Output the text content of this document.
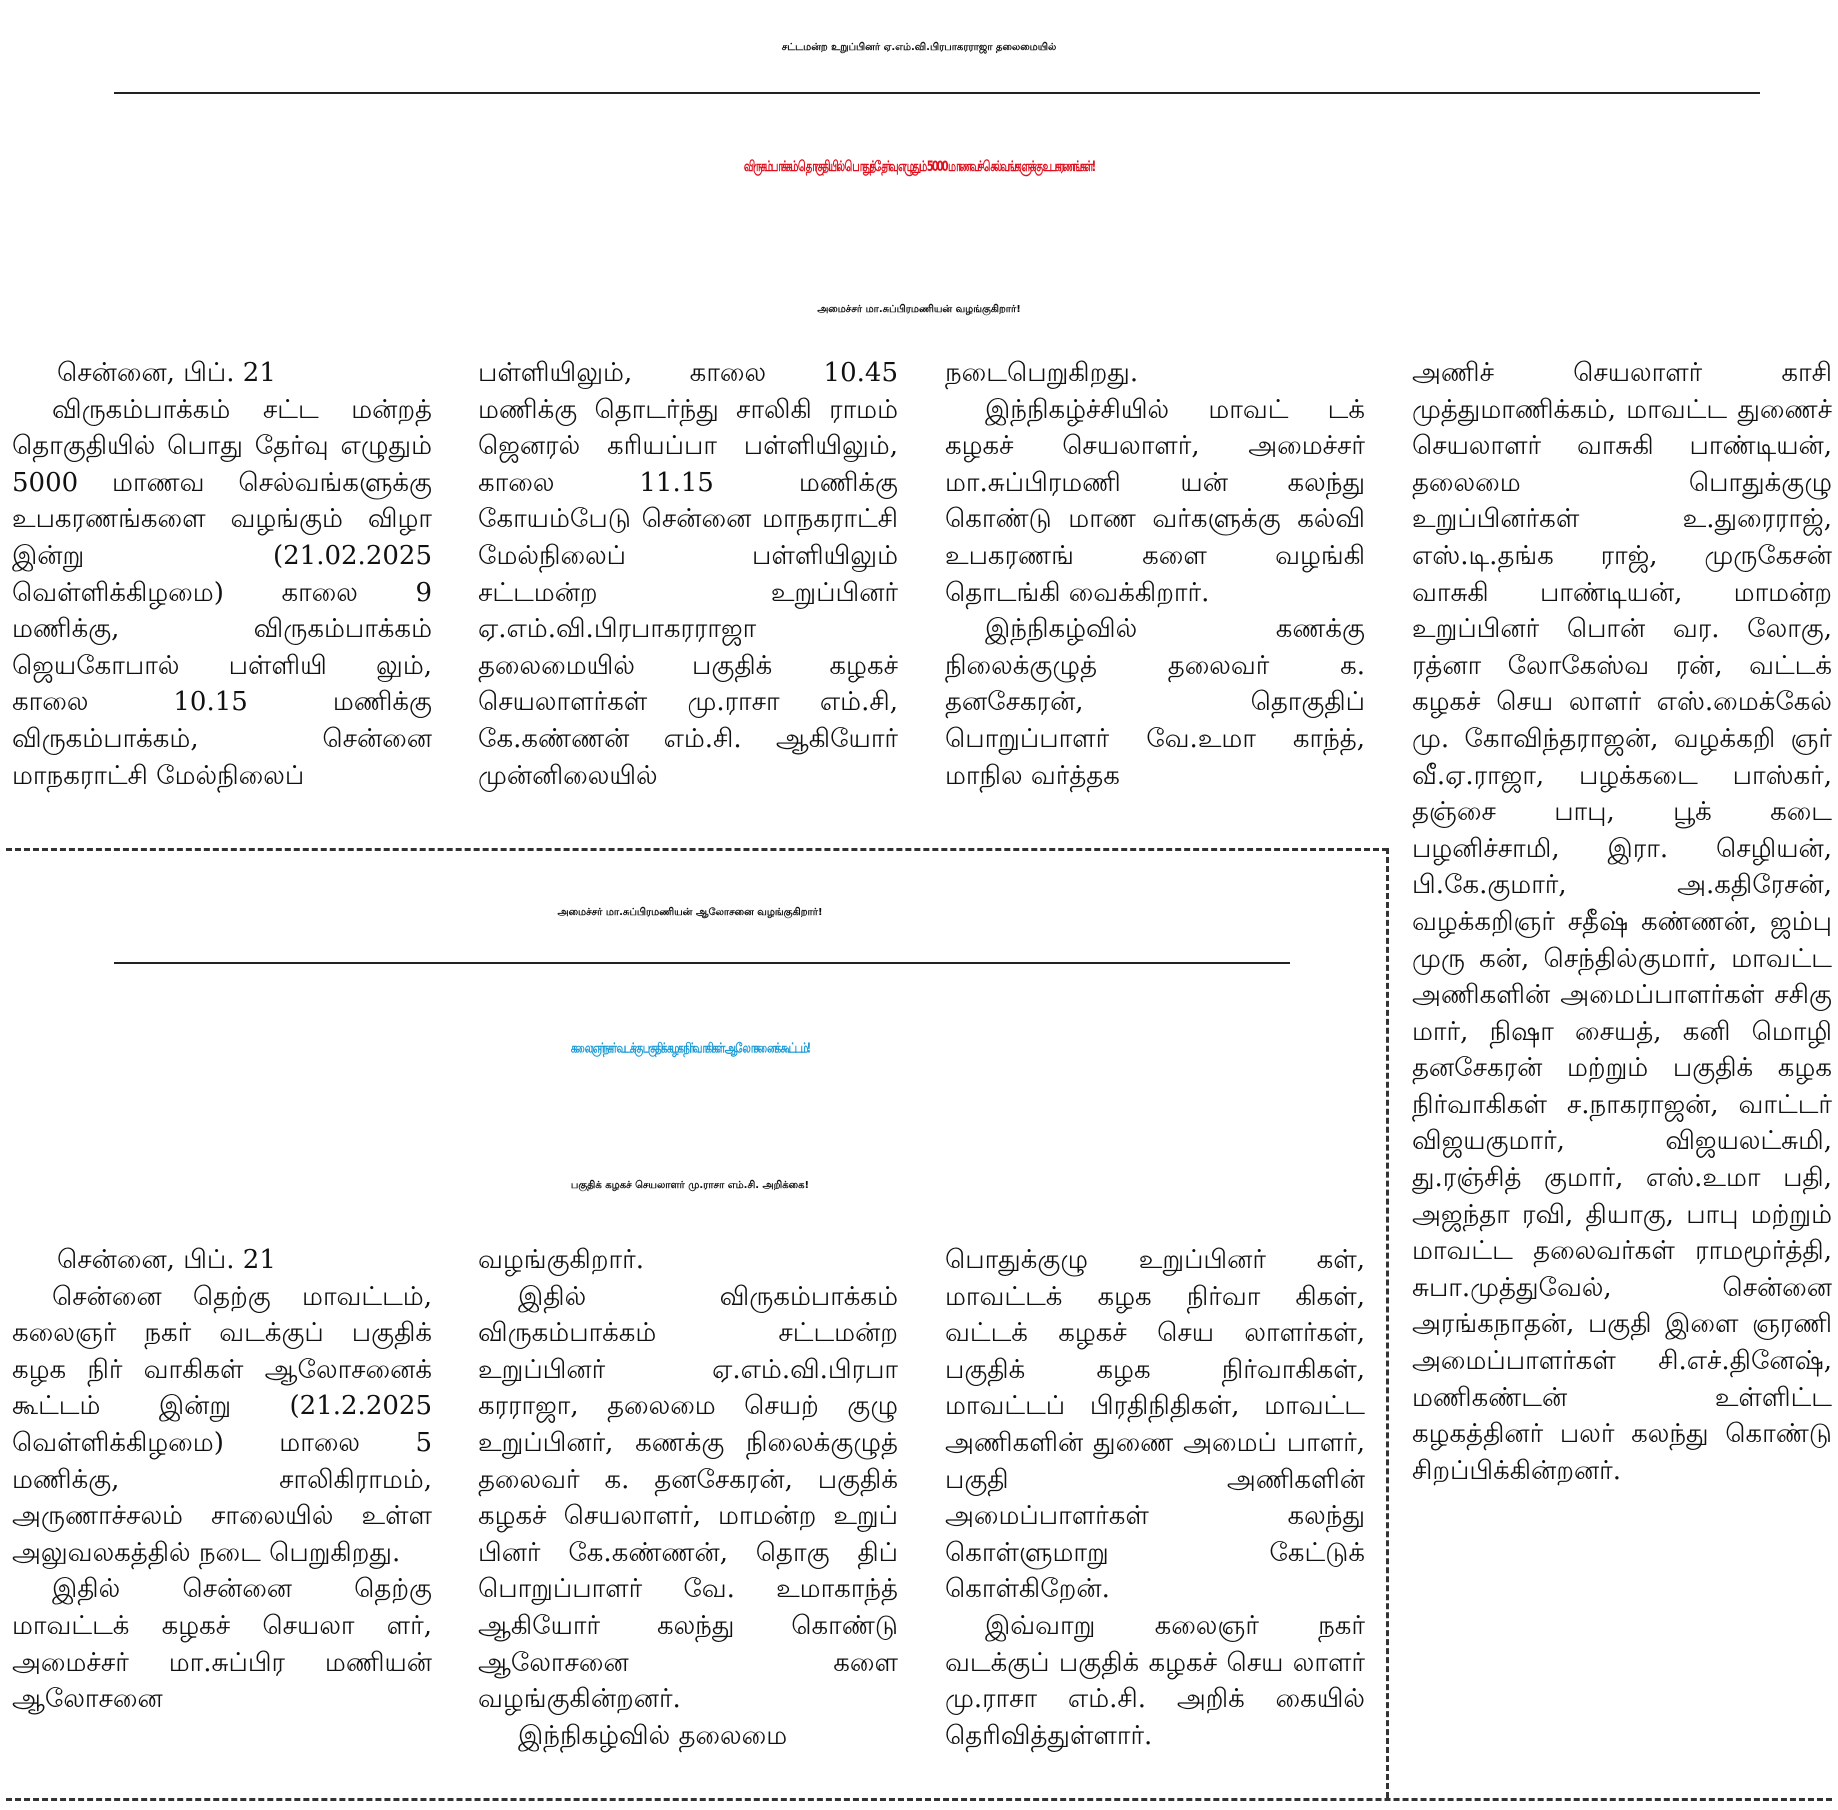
சட்டமன்ற உறுப்பினர் ஏ.எம்.வி.பிரபாகரராஜா தலைமையில்
விருகம்பாக்கம் தொகுதியில் பொதுத்தேர்வு எழுதும் 5000 மாணவச் செல்வங்களுக்கு உபகரணங்கள்!
அமைச்சர் மா.சுப்பிரமணியன் வழங்குகிறார்!

சென்னை, பிப். 21

விருகம்பாக்கம் சட்ட மன்றத் தொகுதியில் பொது தேர்வு எழுதும் 5000 மாணவ செல்வங்களுக்கு உபகரணங்களை வழங்கும் விழா இன்று (21.02.2025 வெள்ளிக்கிழமை) காலை 9 மணிக்கு, விருகம்பாக்கம் ஜெயகோபால் பள்ளியி லும், காலை 10.15 மணிக்கு விருகம்பாக்கம், சென்னை மாநகராட்சி மேல்நிலைப்

பள்ளியிலும், காலை 10.45 மணிக்கு தொடர்ந்து சாலிகி ராமம் ஜெனரல் கரியப்பா பள்ளியிலும், காலை 11.15 மணிக்கு கோயம்பேடு சென்னை மாநகராட்சி மேல்நிலைப் பள்ளியிலும் சட்டமன்ற உறுப்பினர் ஏ.எம்.வி.பிரபாகரராஜா தலைமையில் பகுதிக் கழகச் செயலாளர்கள் மு.ராசா எம்.சி, கே.கண்ணன் எம்.சி. ஆகியோர் முன்னிலையில்

நடைபெறுகிறது.

இந்நிகழ்ச்சியில் மாவட் டக் கழகச் செயலாளர், அமைச்சர் மா.சுப்பிரமணி யன் கலந்து கொண்டு மாண வர்களுக்கு கல்வி உபகரணங் களை வழங்கி தொடங்கி வைக்கிறார்.

இந்நிகழ்வில் கணக்கு நிலைக்குழுத் தலைவர் க. தனசேகரன், தொகுதிப் பொறுப்பாளர் வே.உமா காந்த், மாநில வர்த்தக

அணிச் செயலாளர் காசி முத்துமாணிக்கம், மாவட்ட துணைச் செயலாளர் வாசுகி பாண்டியன், தலைமை பொதுக்குழு உறுப்பினர்கள் உ.துரைராஜ், எஸ்.டி.தங்க ராஜ், முருகேசன் வாசுகி பாண்டியன், மாமன்ற உறுப்பினர் பொன் வர. லோகு, ரத்னா லோகேஸ்வ ரன், வட்டக் கழகச் செய லாளர் எஸ்.மைக்கேல் மு. கோவிந்தராஜன், வழக்கறி ஞர் வீ.ஏ.ராஜா, பழக்கடை பாஸ்கர், தஞ்சை பாபு, பூக் கடை பழனிச்சாமி, இரா. செழியன், பி.கே.குமார், அ.கதிரேசன், வழக்கறிஞர் சதீஷ் கண்ணன், ஜம்பு முரு கன், செந்தில்குமார், மாவட்ட அணிகளின் அமைப்பாளர்கள் சசிகு மார், நிஷா சையத், கனி மொழி தனசேகரன் மற்றும் பகுதிக் கழக நிர்வாகிகள் ச.நாகராஜன், வாட்டர் விஜயகுமார், விஜயலட்சுமி, து.ரஞ்சித் குமார், எஸ்.உமா பதி, அஜந்தா ரவி, தியாகு, பாபு மற்றும் மாவட்ட தலைவர்கள் ராமமூர்த்தி, சுபா.முத்துவேல், சென்னை அரங்கநாதன், பகுதி இளை ஞரணி அமைப்பாளர்கள் சி.எச்.தினேஷ், மணிகண்டன் உள்ளிட்ட கழகத்தினர் பலர் கலந்து கொண்டு சிறப்பிக்கின்றனர்.

அமைச்சர் மா.சுப்பிரமணியன் ஆலோசனை வழங்குகிறார்!
கலைஞர்நகர் வடக்கு பகுதிக் கழக நிர்வாகிகள் ஆலோசனைக் கூட்டம்!
பகுதிக் கழகச் செயலாளர் மு.ராசா எம்.சி. அறிக்கை!

சென்னை, பிப். 21

சென்னை தெற்கு மாவட்டம், கலைஞர் நகர் வடக்குப் பகுதிக் கழக நிர் வாகிகள் ஆலோசனைக் கூட்டம் இன்று (21.2.2025 வெள்ளிக்கிழமை) மாலை 5 மணிக்கு, சாலிகிராமம், அருணாச்சலம் சாலையில் உள்ள அலுவலகத்தில் நடை பெறுகிறது.

இதில் சென்னை தெற்கு மாவட்டக் கழகச் செயலா ளர், அமைச்சர் மா.சுப்பிர மணியன் ஆலோசனை

வழங்குகிறார்.

இதில் விருகம்பாக்கம் விருகம்பாக்கம் சட்டமன்ற உறுப்பினர் ஏ.எம்.வி.பிரபா கரராஜா, தலைமை செயற் குழு உறுப்பினர், கணக்கு நிலைக்குழுத் தலைவர் க. தனசேகரன், பகுதிக் கழகச் செயலாளர், மாமன்ற உறுப் பினர் கே.கண்ணன், தொகு திப் பொறுப்பாளர் வே. உமாகாந்த் ஆகியோர் கலந்து கொண்டு ஆலோசனை களை வழங்குகின்றனர்.

இந்நிகழ்வில் தலைமை

பொதுக்குழு உறுப்பினர் கள், மாவட்டக் கழக நிர்வா கிகள், வட்டக் கழகச் செய லாளர்கள், பகுதிக் கழக நிர்வாகிகள், மாவட்டப் பிரதிநிதிகள், மாவட்ட அணிகளின் துணை அமைப் பாளர், பகுதி அணிகளின் அமைப்பாளர்கள் கலந்து கொள்ளுமாறு கேட்டுக் கொள்கிறேன்.

இவ்வாறு கலைஞர் நகர் வடக்குப் பகுதிக் கழகச் செய லாளர் மு.ராசா எம்.சி. அறிக் கையில் தெரிவித்துள்ளார்.
